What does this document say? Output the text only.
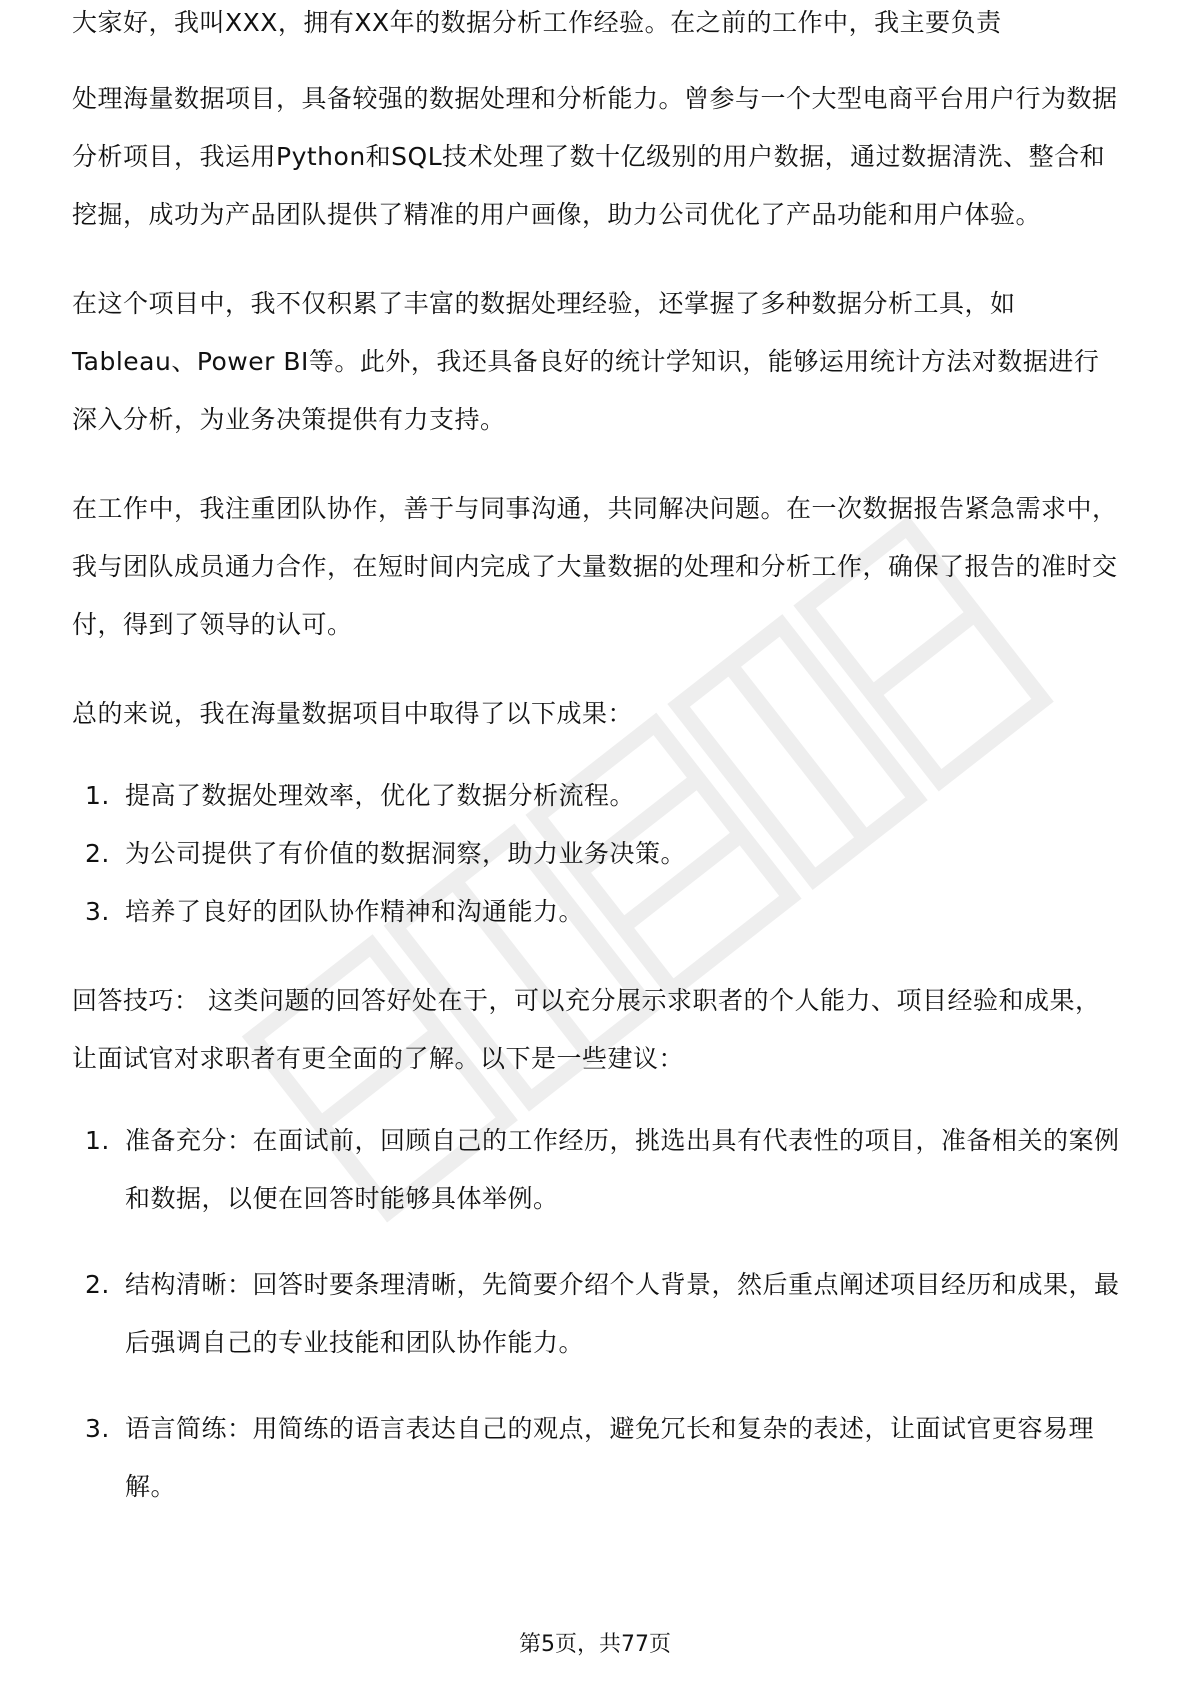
大家好，我叫XXX，拥有XX年的数据分析工作经验。在之前的工作中，我主要负责

处理海量数据项目，具备较强的数据处理和分析能力。曾参与一个大型电商平台用户行为数据分析项目，我运用Python和SQL技术处理了数十亿级别的用户数据，通过数据清洗、整合和挖掘，成功为产品团队提供了精准的用户画像，助力公司优化了产品功能和用户体验。

在这个项目中，我不仅积累了丰富的数据处理经验，还掌握了多种数据分析工具，如Tableau、Power BI等。此外，我还具备良好的统计学知识，能够运用统计方法对数据进行深入分析，为业务决策提供有力支持。

在工作中，我注重团队协作，善于与同事沟通，共同解决问题。在一次数据报告紧急需求中，我与团队成员通力合作，在短时间内完成了大量数据的处理和分析工作，确保了报告的准时交付，得到了领导的认可。

总的来说，我在海量数据项目中取得了以下成果：

1. 提高了数据处理效率，优化了数据分析流程。
2. 为公司提供了有价值的数据洞察，助力业务决策。
3. 培养了良好的团队协作精神和沟通能力。

回答技巧： 这类问题的回答好处在于，可以充分展示求职者的个人能力、项目经验和成果，让面试官对求职者有更全面的了解。以下是一些建议：

1. 准备充分：在面试前，回顾自己的工作经历，挑选出具有代表性的项目，准备相关的案例和数据，以便在回答时能够具体举例。
2. 结构清晰：回答时要条理清晰，先简要介绍个人背景，然后重点阐述项目经历和成果，最后强调自己的专业技能和团队协作能力。
3. 语言简练：用简练的语言表达自己的观点，避免冗长和复杂的表述，让面试官更容易理解。
第5页，共77页
